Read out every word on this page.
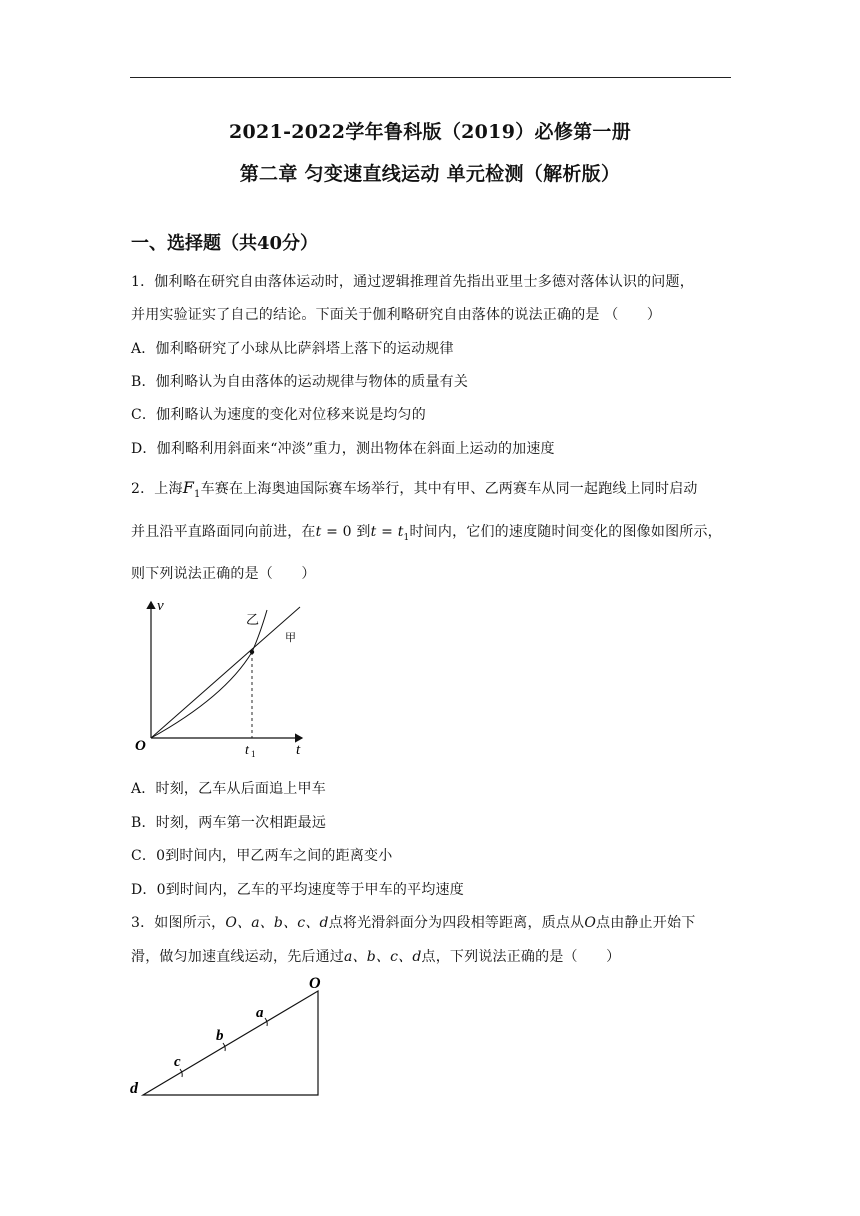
2021-2022学年鲁科版（2019）必修第一册
第二章 匀变速直线运动 单元检测（解析版）
一、选择题（共40分）
1．伽利略在研究自由落体运动时，通过逻辑推理首先指出亚里士多德对落体认识的问题，
并用实验证实了自己的结论。下面关于伽利略研究自由落体的说法正确的是 （　　）
A．伽利略研究了小球从比萨斜塔上落下的运动规律
B．伽利略认为自由落体的运动规律与物体的质量有关
C．伽利略认为速度的变化对位移来说是均匀的
D．伽利略利用斜面来“冲淡”重力，测出物体在斜面上运动的加速度
2．上海$F_1$车赛在上海奥迪国际赛车场举行，其中有甲、乙两赛车从同一起跑线上同时启动
并且沿平直路面同向前进，在t = 0 到$t = t_1$时间内，它们的速度随时间变化的图像如图所示，
则下列说法正确的是（　　）
v
t
O	t 1
乙
甲
A．时刻，乙车从后面追上甲车
B．时刻，两车第一次相距最远
C．0到时间内，甲乙两车之间的距离变小
D．0到时间内，乙车的平均速度等于甲车的平均速度
3．如图所示，O、a、b、c、d点将光滑斜面分为四段相等距离，质点从O点由静止开始下
滑，做匀加速直线运动，先后通过a、b、c、d点，下列说法正确的是（　　）
O
a
b
c
d
